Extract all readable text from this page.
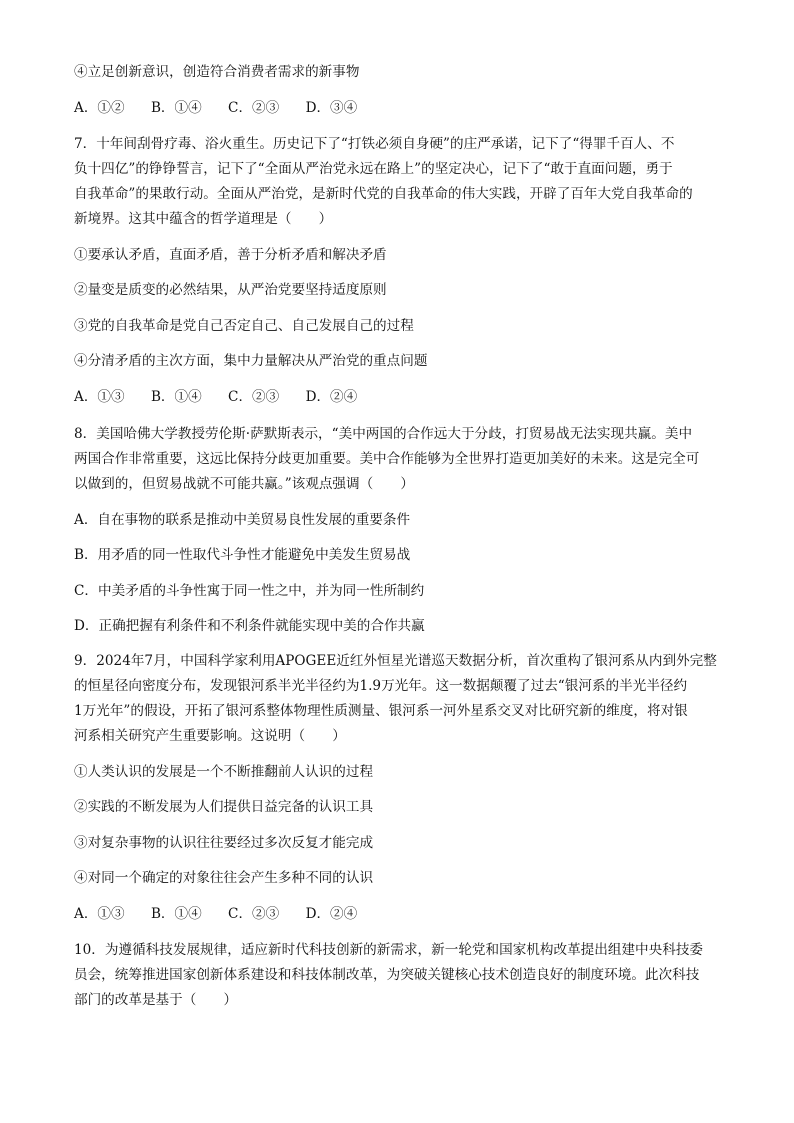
④立足创新意识，创造符合消费者需求的新事物
A．①② B．①④ C．②③ D．③④
7．十年间刮骨疗毒、浴火重生。历史记下了“打铁必须自身硬”的庄严承诺，记下了“得罪千百人、不
负十四亿”的铮铮誓言，记下了“全面从严治党永远在路上”的坚定决心，记下了“敢于直面问题，勇于
自我革命”的果敢行动。全面从严治党，是新时代党的自我革命的伟大实践，开辟了百年大党自我革命的
新境界。这其中蕴含的哲学道理是（　　）
①要承认矛盾，直面矛盾，善于分析矛盾和解决矛盾
②量变是质变的必然结果，从严治党要坚持适度原则
③党的自我革命是党自己否定自己、自己发展自己的过程
④分清矛盾的主次方面，集中力量解决从严治党的重点问题
A．①③ B．①④ C．②③ D．②④
8．美国哈佛大学教授劳伦斯·萨默斯表示，“美中两国的合作远大于分歧，打贸易战无法实现共赢。美中
两国合作非常重要，这远比保持分歧更加重要。美中合作能够为全世界打造更加美好的未来。这是完全可
以做到的，但贸易战就不可能共赢。”该观点强调（　　）
A．自在事物的联系是推动中美贸易良性发展的重要条件
B．用矛盾的同一性取代斗争性才能避免中美发生贸易战
C．中美矛盾的斗争性寓于同一性之中，并为同一性所制约
D．正确把握有利条件和不利条件就能实现中美的合作共赢
9．2024年7月，中国科学家利用APOGEE近红外恒星光谱巡天数据分析，首次重构了银河系从内到外完整
的恒星径向密度分布，发现银河系半光半径约为1.9万光年。这一数据颠覆了过去“银河系的半光半径约
1万光年”的假设，开拓了银河系整体物理性质测量、银河系一河外星系交叉对比研究新的维度，将对银
河系相关研究产生重要影响。这说明（　　）
①人类认识的发展是一个不断推翻前人认识的过程
②实践的不断发展为人们提供日益完备的认识工具
③对复杂事物的认识往往要经过多次反复才能完成
④对同一个确定的对象往往会产生多种不同的认识
A．①③ B．①④ C．②③ D．②④
10．为遵循科技发展规律，适应新时代科技创新的新需求，新一轮党和国家机构改革提出组建中央科技委
员会，统筹推进国家创新体系建设和科技体制改革，为突破关键核心技术创造良好的制度环境。此次科技
部门的改革是基于（　　）
